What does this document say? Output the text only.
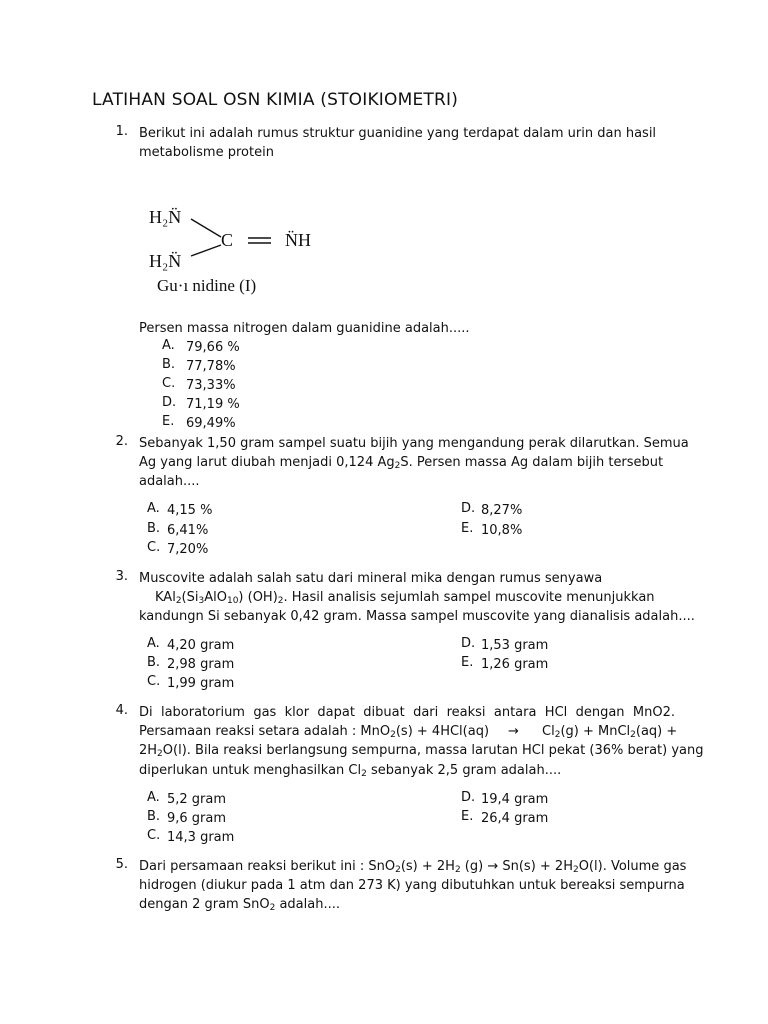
LATIHAN SOAL OSN KIMIA (STOIKIOMETRI)
1. Berikut ini adalah rumus struktur guanidine yang terdapat dalam urin dan hasil
metabolisme protein
H₂N̈
H₂N̈
C	N̈H
Gu·ı nidine (I)
Persen massa nitrogen dalam guanidine adalah.....
A. 79,66 %
B. 77,78%
C. 73,33%
D. 71,19 %
E. 69,49%
2. Sebanyak 1,50 gram sampel suatu bijih yang mengandung perak dilarutkan. Semua
Ag yang larut diubah menjadi 0,124 $Ag_2S$. Persen massa Ag dalam bijih tersebut
adalah....
A. 4,15 %
B. 6,41%
C. 7,20%
D. 8,27%
E. 10,8%
3. Muscovite adalah salah satu dari mineral mika dengan rumus senyawa
$KAl_2(Si_3AlO_{10})$ $(OH)_2$. Hasil analisis sejumlah sampel muscovite menunjukkan
kandungn Si sebanyak 0,42 gram. Massa sampel muscovite yang dianalisis adalah....
A. 4,20 gram
B. 2,98 gram
C. 1,99 gram
D. 1,53 gram
E. 1,26 gram
4. Di laboratorium gas klor dapat dibuat dari reaksi antara HCl dengan MnO2.
Persamaan reaksi setara adalah : $MnO_2(s) + 4HCl(aq) \to Cl_2(g)$ + MnCl$_2$(aq) +
$2H_2O(l)$. Bila reaksi berlangsung sempurna, massa larutan HCl pekat (36% berat) yang
diperlukan untuk menghasilkan $Cl_2$ sebanyak 2,5 gram adalah....
A. 5,2 gram
B. 9,6 gram
C. 14,3 gram
D. 19,4 gram
E. 26,4 gram
5. Dari persamaan reaksi berikut ini : $SnO_2(s) + 2H_2$ $(g) \to Sn(s) + 2H_2O(l)$. Volume gas
hidrogen (diukur pada 1 atm dan 273 K) yang dibutuhkan untuk bereaksi sempurna
dengan 2 gram SnO$_2$ adalah....
